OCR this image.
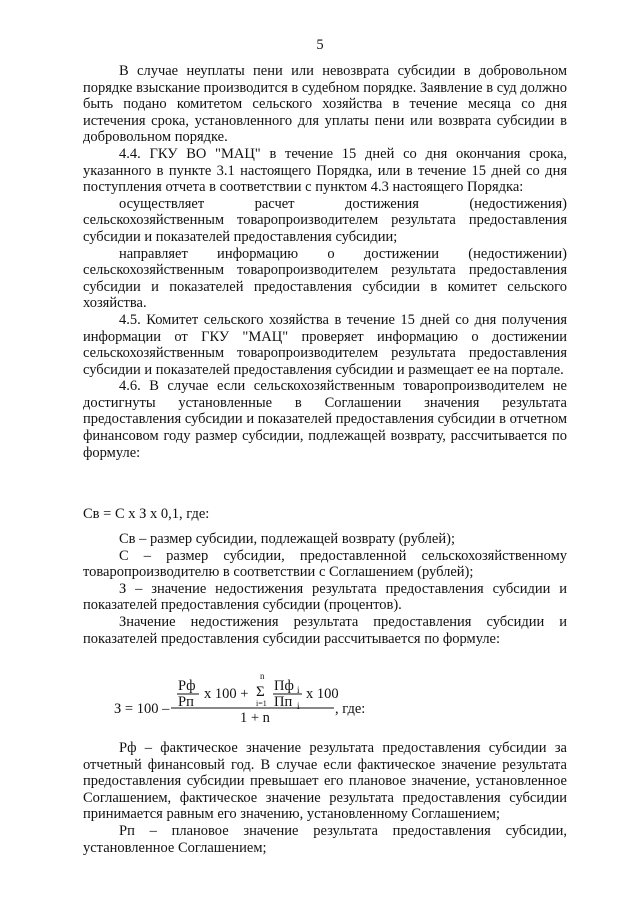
5

В случае неуплаты пени или невозврата субсидии в добровольном порядке взыскание производится в судебном порядке. Заявление в суд должно быть подано комитетом сельского хозяйства в течение месяца со дня истечения срока, установленного для уплаты пени или возврата субсидии в добровольном порядке.

4.4. ГКУ ВО "МАЦ" в течение 15 дней со дня окончания срока, указанного в пункте 3.1 настоящего Порядка, или в течение 15 дней со дня поступления отчета в соответствии с пунктом 4.3 настоящего Порядка:

осуществляет расчет достижения (недостижения) сельскохозяйственным товаропроизводителем результата предоставления субсидии и показателей предоставления субсидии;

направляет информацию о достижении (недостижении) сельскохозяйственным товаропроизводителем результата предоставления субсидии и показателей предоставления субсидии в комитет сельского хозяйства.

4.5. Комитет сельского хозяйства в течение 15 дней со дня получения информации от ГКУ "МАЦ" проверяет информацию о достижении сельскохозяйственным товаропроизводителем результата предоставления субсидии и показателей предоставления субсидии и размещает ее на портале.

4.6. В случае если сельскохозяйственным товаропроизводителем не достигнуты установленные в Соглашении значения результата предоставления субсидии и показателей предоставления субсидии в отчетном финансовом году размер субсидии, подлежащей возврату, рассчитывается по формуле:

Св = С х З х 0,1, где:

Св – размер субсидии, подлежащей возврату (рублей);

С – размер субсидии, предоставленной сельскохозяйственному товаропроизводителю в соответствии с Соглашением (рублей);

З – значение недостижения результата предоставления субсидии и показателей предоставления субсидии (процентов).

Значение недостижения результата предоставления субсидии и показателей предоставления субсидии рассчитывается по формуле:

З = 100 –
Рф
Рп х 100 +
n
Σ
i=1
Пф i
Пп i
х 100
1 + n
, где:

Рф – фактическое значение результата предоставления субсидии за отчетный финансовый год. В случае если фактическое значение результата предоставления субсидии превышает его плановое значение, установленное Соглашением, фактическое значение результата предоставления субсидии принимается равным его значению, установленному Соглашением;

Рп – плановое значение результата предоставления субсидии, установленное Соглашением;
